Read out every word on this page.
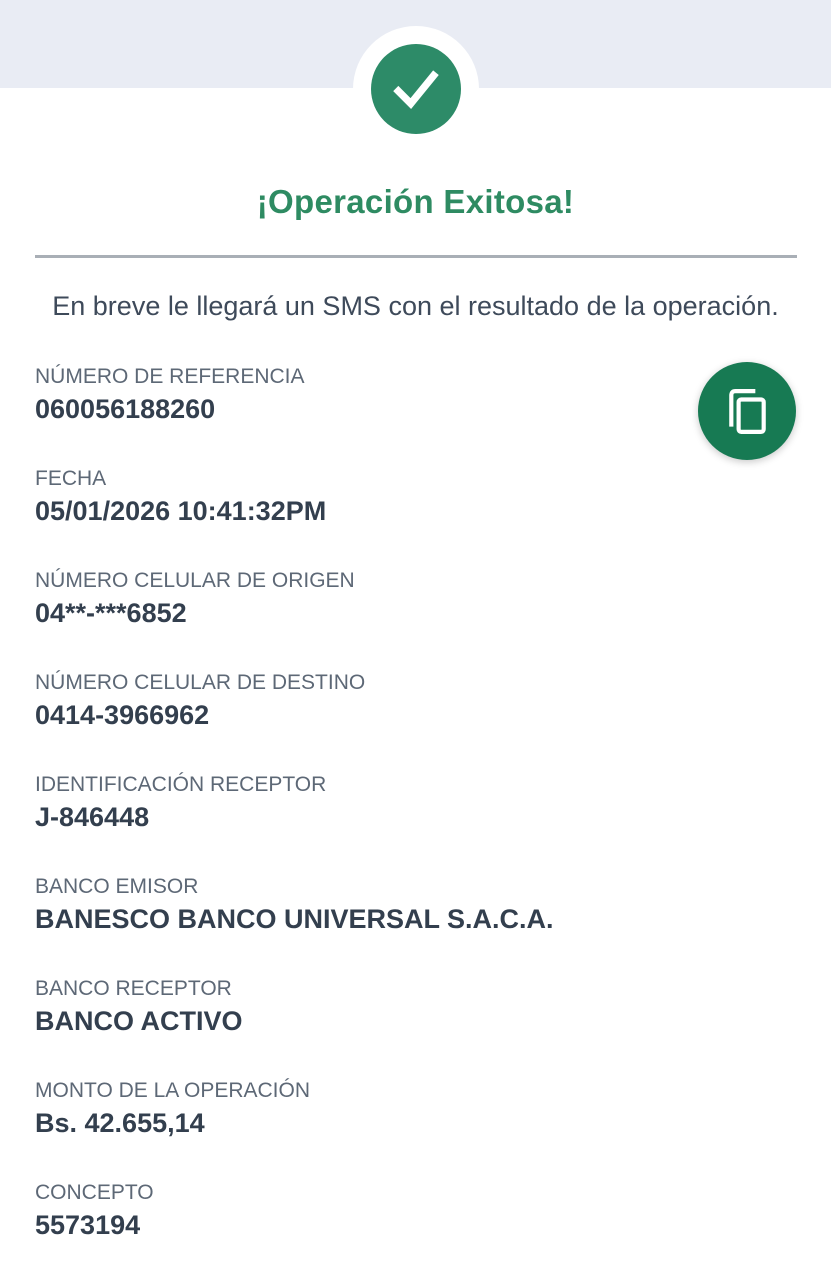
¡Operación Exitosa!

En breve le llegará un SMS con el resultado de la operación.

NÚMERO DE REFERENCIA
060056188260
FECHA
05/01/2026 10:41:32PM
NÚMERO CELULAR DE ORIGEN
04**-***6852
NÚMERO CELULAR DE DESTINO
0414-3966962
IDENTIFICACIÓN RECEPTOR
J-846448
BANCO EMISOR
BANESCO BANCO UNIVERSAL S.A.C.A.
BANCO RECEPTOR
BANCO ACTIVO
MONTO DE LA OPERACIÓN
Bs. 42.655,14
CONCEPTO
5573194
